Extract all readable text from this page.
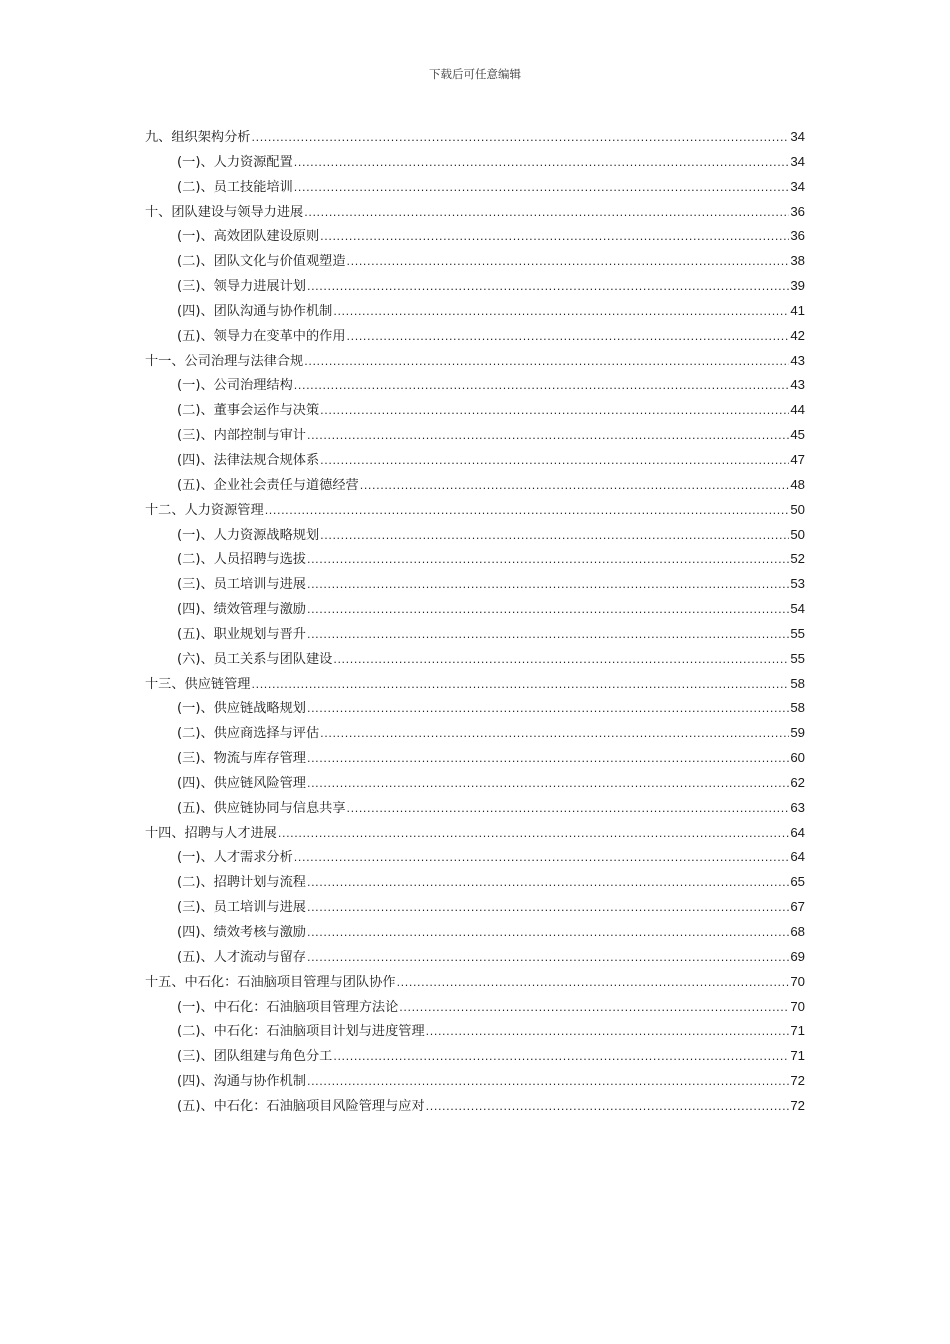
下载后可任意编辑
九、组织架构分析 .....	34
(一)、人力资源配置 .....	34
(二)、员工技能培训 .....	34
十、团队建设与领导力进展 .....	36
(一)、高效团队建设原则 .....	36
(二)、团队文化与价值观塑造 .....	38
(三)、领导力进展计划 .....	39
(四)、团队沟通与协作机制 .....	41
(五)、领导力在变革中的作用 .....	42
十一、公司治理与法律合规 .....	43
(一)、公司治理结构 .....	43
(二)、董事会运作与决策 .....	44
(三)、内部控制与审计 .....	45
(四)、法律法规合规体系 .....	47
(五)、企业社会责任与道德经营 .....	48
十二、人力资源管理 .....	50
(一)、人力资源战略规划 .....	50
(二)、人员招聘与选拔 .....	52
(三)、员工培训与进展 .....	53
(四)、绩效管理与激励 .....	54
(五)、职业规划与晋升 .....	55
(六)、员工关系与团队建设 .....	55
十三、供应链管理 .....	58
(一)、供应链战略规划 .....	58
(二)、供应商选择与评估 .....	59
(三)、物流与库存管理 .....	60
(四)、供应链风险管理 .....	62
(五)、供应链协同与信息共享 .....	63
十四、招聘与人才进展 .....	64
(一)、人才需求分析 .....	64
(二)、招聘计划与流程 .....	65
(三)、员工培训与进展 .....	67
(四)、绩效考核与激励 .....	68
(五)、人才流动与留存 .....	69
十五、中石化：石油脑项目管理与团队协作 .....	70
(一)、中石化：石油脑项目管理方法论 .....	70
(二)、中石化：石油脑项目计划与进度管理 .....	71
(三)、团队组建与角色分工 .....	71
(四)、沟通与协作机制 .....	72
(五)、中石化：石油脑项目风险管理与应对 .....	72
